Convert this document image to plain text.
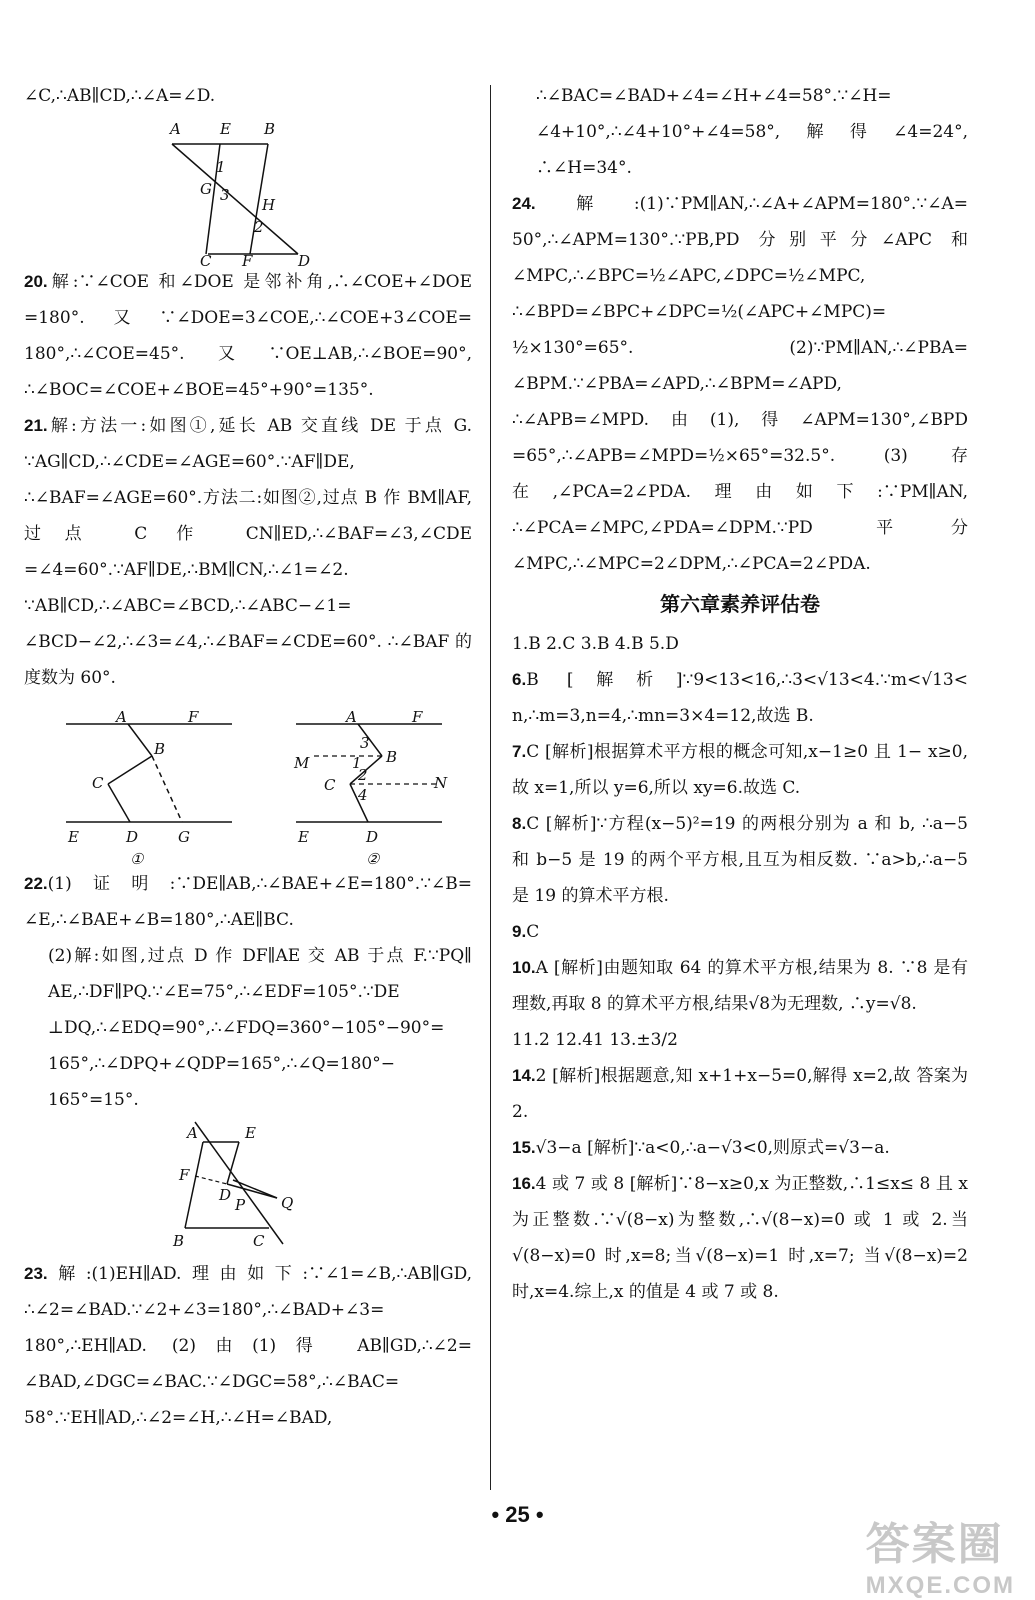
∠C,∴AB∥CD,∴∠A=∠D.

A	E B
1
G 3
H
2
C F	D

20.解:∵∠COE 和∠DOE 是邻补角,∴∠COE+∠DOE =180°.又∵∠DOE=3∠COE,∴∠COE+3∠COE= 180°,∴∠COE=45°.又∵OE⊥AB,∴∠BOE=90°, ∴∠BOC=∠COE+∠BOE=45°+90°=135°.

21.解:方法一:如图①,延长 AB 交直线 DE 于点 G. ∵AG∥CD,∴∠CDE=∠AGE=60°.∵AF∥DE, ∴∠BAF=∠AGE=60°.方法二:如图②,过点 B 作 BM∥AF,过点 C 作 CN∥ED,∴∠BAF=∠3,∠CDE =∠4=60°.∵AF∥DE,∴BM∥CN,∴∠1=∠2. ∵AB∥CD,∴∠ABC=∠BCD,∴∠ABC−∠1= ∠BCD−∠2,∴∠3=∠4,∴∠BAF=∠CDE=60°. ∴∠BAF 的度数为 60°.

A	F
B
C
E	D	G
①
A	F
3
B
M	1
2	N
C
4
E	D
②

22.(1)证明:∵DE∥AB,∴∠BAE+∠E=180°.∵∠B= ∠E,∴∠BAE+∠B=180°,∴AE∥BC.

(2)解:如图,过点 D 作 DF∥AE 交 AB 于点 F.∵PQ∥ AE,∴DF∥PQ.∵∠E=75°,∴∠EDF=105°.∵DE ⊥DQ,∴∠EDQ=90°,∴∠FDQ=360°−105°−90°= 165°,∴∠DPQ+∠QDP=165°,∴∠Q=180°− 165°=15°.

A	E
F
D
P Q
B	C

23.解:(1)EH∥AD.理由如下:∵∠1=∠B,∴AB∥GD, ∴∠2=∠BAD.∵∠2+∠3=180°,∴∠BAD+∠3= 180°,∴EH∥AD. (2)由(1)得 AB∥GD,∴∠2= ∠BAD,∠DGC=∠BAC.∵∠DGC=58°,∴∠BAC= 58°.∵EH∥AD,∴∠2=∠H,∴∠H=∠BAD,

∴∠BAC=∠BAD+∠4=∠H+∠4=58°.∵∠H= ∠4+10°,∴∠4+10°+∠4=58°,解得∠4=24°, ∴∠H=34°.

24.解:(1)∵PM∥AN,∴∠A+∠APM=180°.∵∠A= 50°,∴∠APM=130°.∵PB,PD 分别平分∠APC 和 ∠MPC,∴∠BPC=½∠APC,∠DPC=½∠MPC, ∴∠BPD=∠BPC+∠DPC=½(∠APC+∠MPC)= ½×130°=65°. (2)∵PM∥AN,∴∠PBA= ∠BPM.∵∠PBA=∠APD,∴∠BPM=∠APD, ∴∠APB=∠MPD.由(1),得∠APM=130°,∠BPD =65°,∴∠APB=∠MPD=½×65°=32.5°. (3)存 在,∠PCA=2∠PDA.理由如下:∵PM∥AN, ∴∠PCA=∠MPC,∠PDA=∠DPM.∵PD 平分 ∠MPC,∴∠MPC=2∠DPM,∴∠PCA=2∠PDA.

第六章素养评估卷

1.B 2.C 3.B 4.B 5.D

6.B [解析]∵9<13<16,∴3<√13<4.∵m<√13< n,∴m=3,n=4,∴mn=3×4=12,故选 B.

7.C [解析]根据算术平方根的概念可知,x−1≥0 且 1− x≥0,故 x=1,所以 y=6,所以 xy=6.故选 C.

8.C [解析]∵方程(x−5)²=19 的两根分别为 a 和 b, ∴a−5 和 b−5 是 19 的两个平方根,且互为相反数. ∵a>b,∴a−5 是 19 的算术平方根.

9.C

10.A [解析]由题知取 64 的算术平方根,结果为 8. ∵8 是有理数,再取 8 的算术平方根,结果√8为无理数, ∴y=√8.

11.2 12.41 13.±3/2

14.2 [解析]根据题意,知 x+1+x−5=0,解得 x=2,故 答案为 2.

15.√3−a [解析]∵a<0,∴a−√3<0,则原式=√3−a.

16.4 或 7 或 8 [解析]∵8−x≥0,x 为正整数,∴1≤x≤ 8 且 x 为正整数.∵√(8−x)为整数,∴√(8−x)=0 或 1 或 2.当√(8−x)=0 时,x=8;当√(8−x)=1 时,x=7; 当√(8−x)=2 时,x=4.综上,x 的值是 4 或 7 或 8.

• 25 •
答案圈
MXQE.COM
